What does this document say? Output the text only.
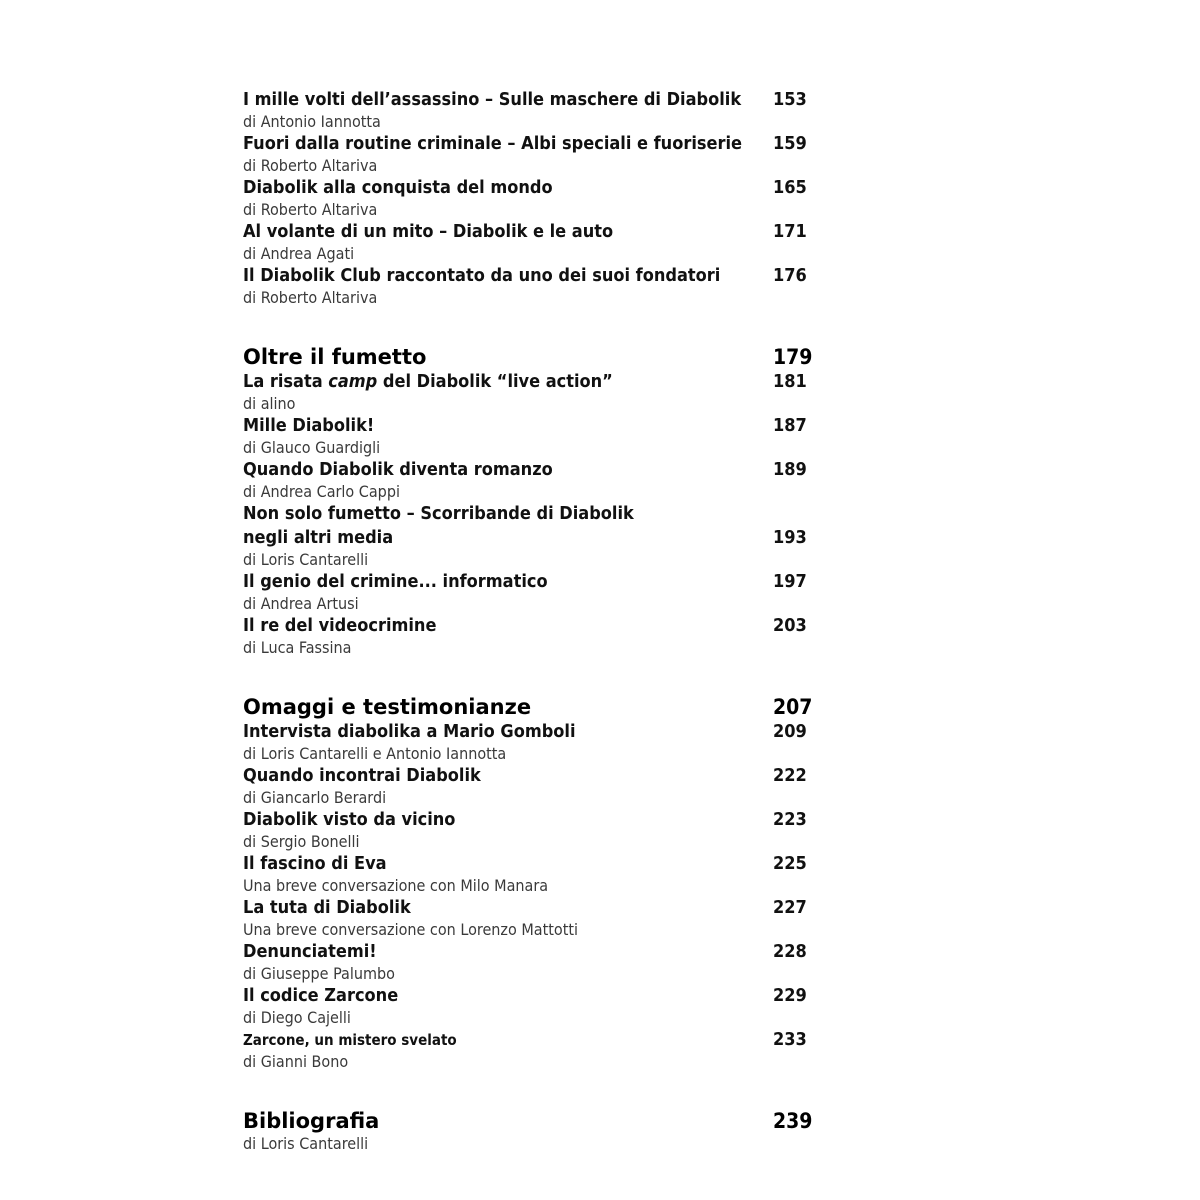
I mille volti dell’assassino – Sulle maschere di Diabolik
di Antonio Iannotta
153
Fuori dalla routine criminale – Albi speciali e fuoriserie
di Roberto Altariva
159
Diabolik alla conquista del mondo
di Roberto Altariva
165
Al volante di un mito – Diabolik e le auto
di Andrea Agati
171
Il Diabolik Club raccontato da uno dei suoi fondatori
di Roberto Altariva
176
Oltre il fumetto	179
La risata camp del Diabolik “live action”
di alino
181
Mille Diabolik!
di Glauco Guardigli
187
Quando Diabolik diventa romanzo
di Andrea Carlo Cappi
189
Non solo fumetto – Scorribande di Diabolik
negli altri media
di Loris Cantarelli
193
Il genio del crimine... informatico
di Andrea Artusi
197
Il re del videocrimine
di Luca Fassina
203
Omaggi e testimonianze	207
Intervista diabolika a Mario Gomboli
di Loris Cantarelli e Antonio Iannotta
209
Quando incontrai Diabolik
di Giancarlo Berardi
222
Diabolik visto da vicino
di Sergio Bonelli
223
Il fascino di Eva
Una breve conversazione con Milo Manara
225
La tuta di Diabolik
Una breve conversazione con Lorenzo Mattotti
227
Denunciatemi!
di Giuseppe Palumbo
228
Il codice Zarcone
di Diego Cajelli
229
Zarcone, un mistero svelato
di Gianni Bono
233
Bibliografia
di Loris Cantarelli
239
